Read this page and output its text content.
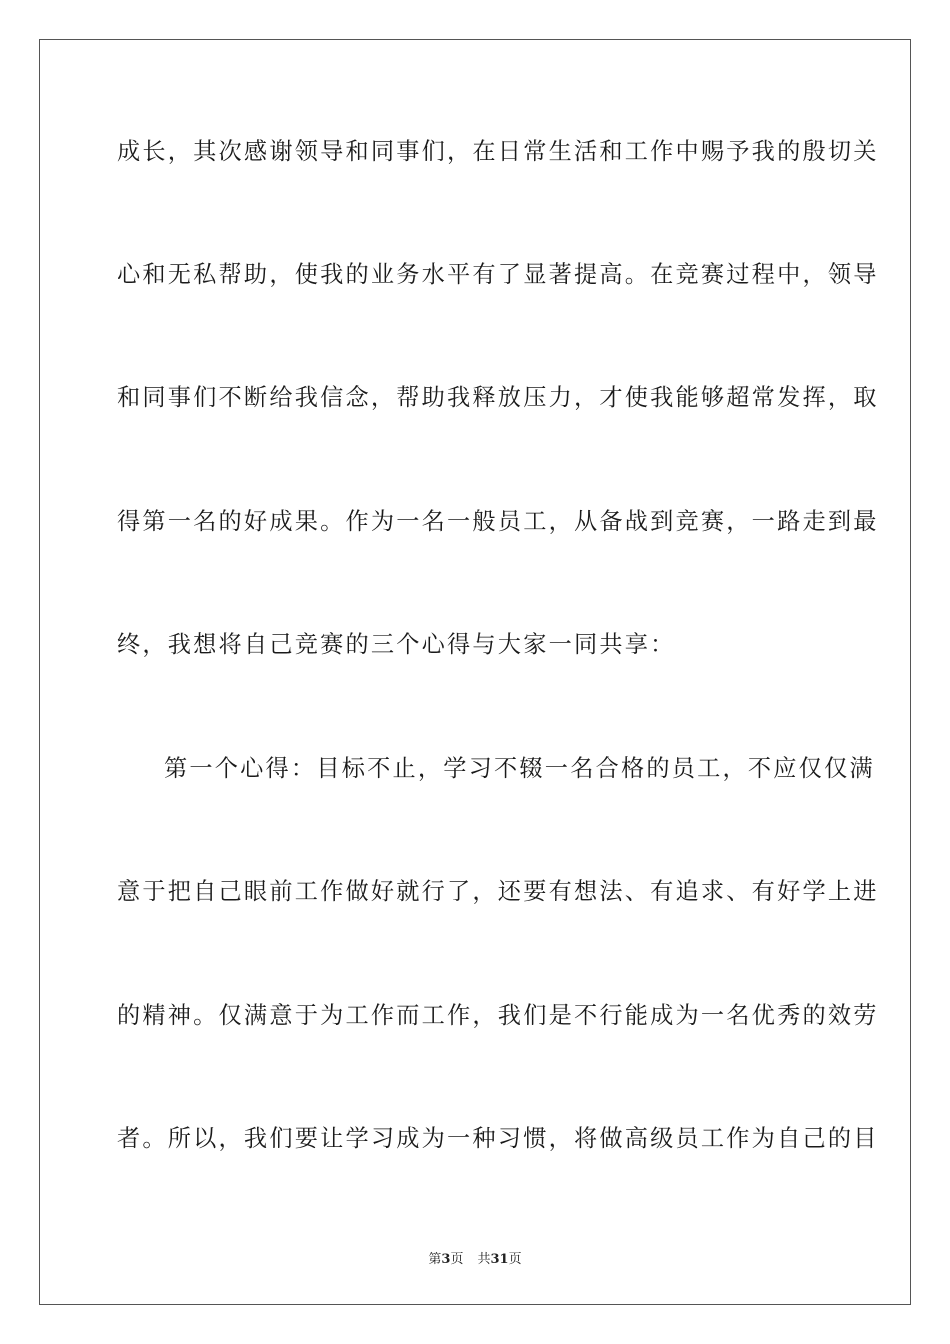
成长，其次感谢领导和同事们，在日常生活和工作中赐予我的殷切关
心和无私帮助，使我的业务水平有了显著提高。在竞赛过程中，领导
和同事们不断给我信念，帮助我释放压力，才使我能够超常发挥，取
得第一名的好成果。作为一名一般员工，从备战到竞赛，一路走到最
终，我想将自己竞赛的三个心得与大家一同共享：
第一个心得：目标不止，学习不辍一名合格的员工，不应仅仅满
意于把自己眼前工作做好就行了，还要有想法、有追求、有好学上进
的精神。仅满意于为工作而工作，我们是不行能成为一名优秀的效劳
者。所以，我们要让学习成为一种习惯，将做高级员工作为自己的目
第3页 共31页
